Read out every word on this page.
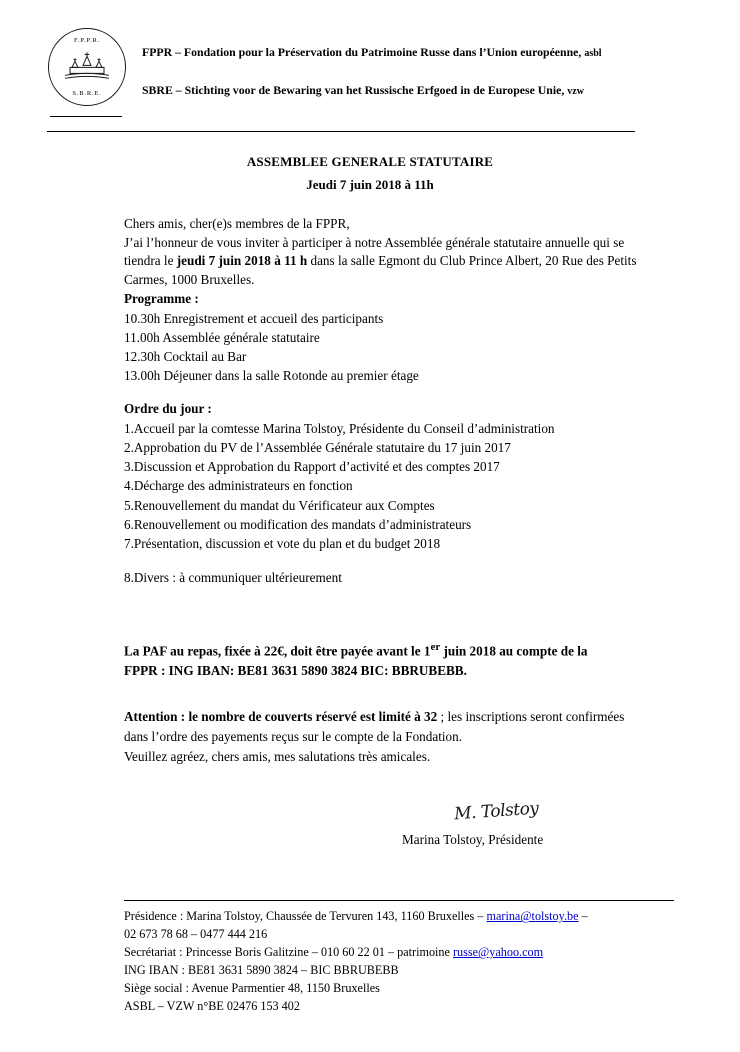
F.P.P.R.
S.B.R.E.
FPPR – Fondation pour la Préservation du Patrimoine Russe dans l’Union européenne, asbl
SBRE – Stichting voor de Bewaring van het Russische Erfgoed in de Europese Unie, vzw
ASSEMBLEE GENERALE STATUTAIRE
Jeudi 7 juin 2018 à 11h

Chers amis, cher(e)s membres de la FPPR,

J’ai l’honneur de vous inviter à participer à notre Assemblée générale statutaire annuelle qui se tiendra le jeudi 7 juin 2018 à 11 h dans la salle Egmont du Club Prince Albert, 20 Rue des Petits Carmes, 1000 Bruxelles.

Programme :

10.30h Enregistrement et accueil des participants

11.00h Assemblée générale statutaire

12.30h Cocktail au Bar

13.00h Déjeuner dans la salle Rotonde au premier étage

Ordre du jour :

1.Accueil par la comtesse Marina Tolstoy, Présidente du Conseil d’administration

2.Approbation du PV de l’Assemblée Générale statutaire du 17 juin 2017

3.Discussion et Approbation du Rapport d’activité et des comptes 2017

4.Décharge des administrateurs en fonction

5.Renouvellement du mandat du Vérificateur aux Comptes

6.Renouvellement ou modification des mandats d’administrateurs

7.Présentation, discussion et vote du plan et du budget 2018

8.Divers : à communiquer ultérieurement

La PAF au repas, fixée à 22€, doit être payée avant le 1er juin 2018 au compte de la

FPPR : ING IBAN: BE81 3631 5890 3824 BIC: BBRUBEBB.

Attention : le nombre de couverts réservé est limité à 32 ; les inscriptions seront confirmées

dans l’ordre des payements reçus sur le compte de la Fondation.

Veuillez agréez, chers amis, mes salutations très amicales.

M. Tolstoy
Marina Tolstoy, Présidente
Présidence : Marina Tolstoy, Chaussée de Tervuren 143, 1160 Bruxelles – marina@tolstoy.be –
02 673 78 68 – 0477 444 216
Secrétariat : Princesse Boris Galitzine – 010 60 22 01 – patrimoine russe@yahoo.com
ING IBAN : BE81 3631 5890 3824 – BIC BBRUBEBB
Siège social : Avenue Parmentier 48, 1150 Bruxelles
ASBL – VZW n°BE 02476 153 402
